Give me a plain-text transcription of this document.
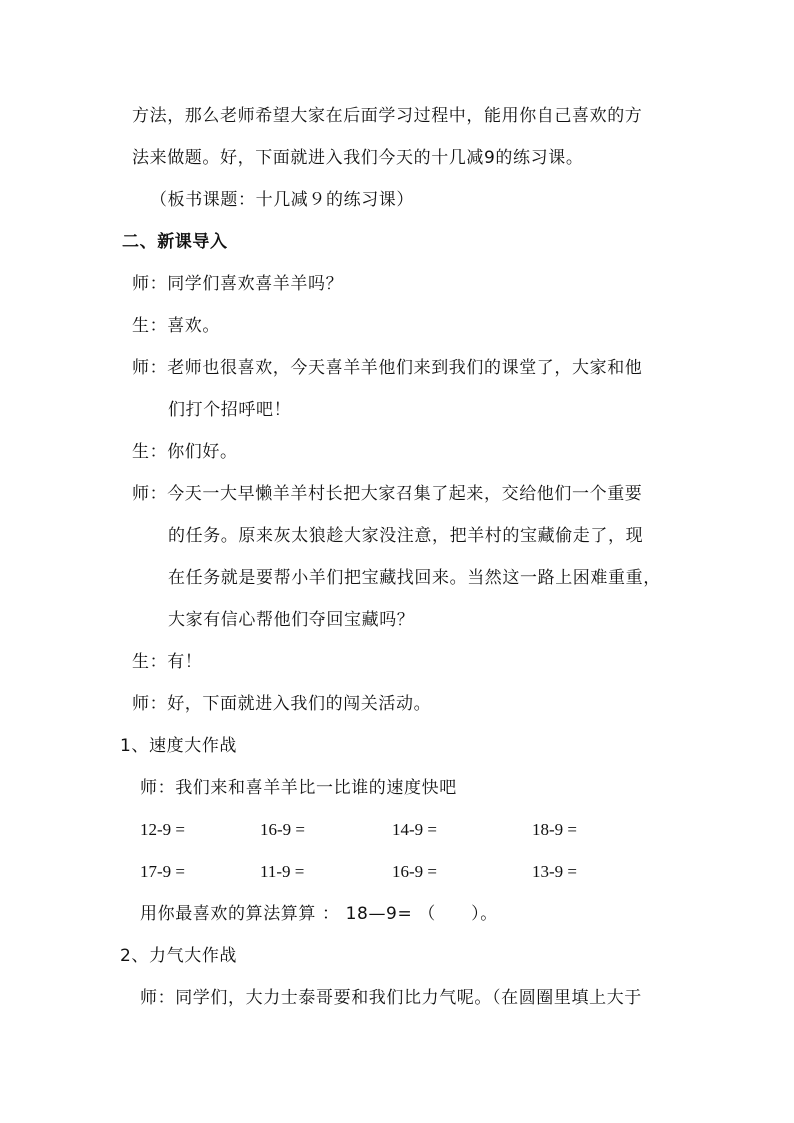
方法，那么老师希望大家在后面学习过程中，能用你自己喜欢的方
法来做题。好，下面就进入我们今天的十几减9的练习课。
（板书课题：十几减９的练习课）
二、新课导入
师：同学们喜欢喜羊羊吗？
生：喜欢。
师：老师也很喜欢，今天喜羊羊他们来到我们的课堂了，大家和他
们打个招呼吧！
生：你们好。
师：今天一大早懒羊羊村长把大家召集了起来，交给他们一个重要
的任务。原来灰太狼趁大家没注意，把羊村的宝藏偷走了，现
在任务就是要帮小羊们把宝藏找回来。当然这一路上困难重重，
大家有信心帮他们夺回宝藏吗？
生：有！
师：好，下面就进入我们的闯关活动。
1、速度大作战
师：我们来和喜羊羊比一比谁的速度快吧
12-9 =	16-9 =	14-9 =	18-9 =
17-9 =	11-9 =	16-9 =	13-9 =
用你最喜欢的算法算算 ： 18—9= （　　）。
2、力气大作战
师：同学们，大力士泰哥要和我们比力气呢。（在圆圈里填上大于
